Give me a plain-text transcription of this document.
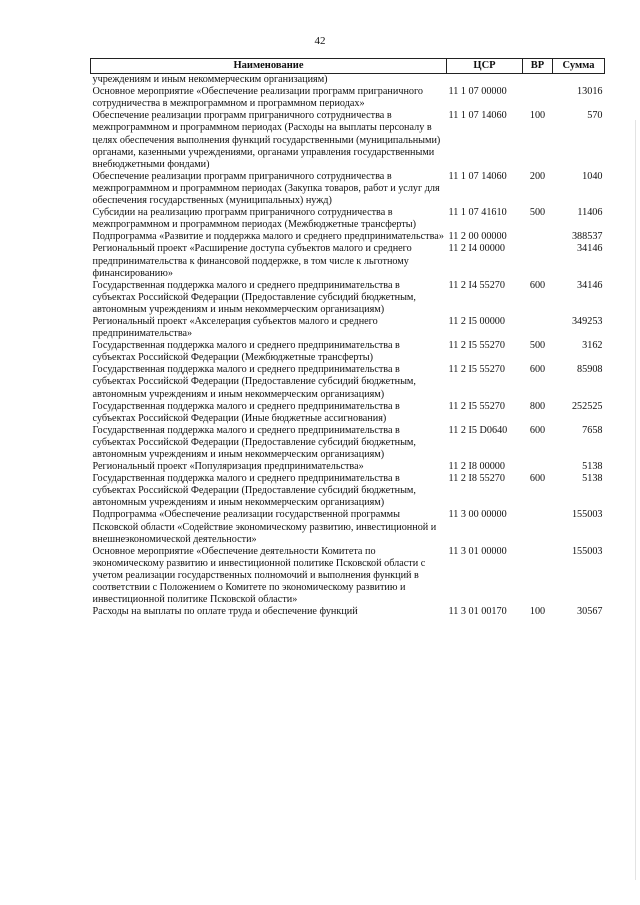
42
Наименование	ЦСР	ВР	Сумма
учреждениям и иным некоммерческим организациям)			
Основное мероприятие «Обеспечение реализации программ приграничного сотрудничества в межпрограммном и программном периодах»	11 1 07 00000		13016
Обеспечение реализации программ приграничного сотрудничества в межпрограммном и программном периодах (Расходы на выплаты персоналу в целях обеспечения выполнения функций государственными (муниципальными) органами, казенными учреждениями, органами управления государственными внебюджетными фондами)	11 1 07 14060	100	570
Обеспечение реализации программ приграничного сотрудничества в межпрограммном и программном периодах (Закупка товаров, работ и услуг для обеспечения государственных (муниципальных) нужд)	11 1 07 14060	200	1040
Субсидии на реализацию программ приграничного сотрудничества в межпрограммном и программном периодах (Межбюджетные трансферты)	11 1 07 41610	500	11406
Подпрограмма «Развитие и поддержка малого и среднего предпринимательства»	11 2 00 00000		388537
Региональный проект «Расширение доступа субъектов малого и среднего предпринимательства к финансовой поддержке, в том числе к льготному финансированию»	11 2 I4 00000		34146
Государственная поддержка малого и среднего предпринимательства в субъектах Российской Федерации (Предоставление субсидий бюджетным, автономным учреждениям и иным некоммерческим организациям)	11 2 I4 55270	600	34146
Региональный проект «Акселерация субъектов малого и среднего предпринимательства»	11 2 I5 00000		349253
Государственная поддержка малого и среднего предпринимательства в субъектах Российской Федерации (Межбюджетные трансферты)	11 2 I5 55270	500	3162
Государственная поддержка малого и среднего предпринимательства в субъектах Российской Федерации (Предоставление субсидий бюджетным, автономным учреждениям и иным некоммерческим организациям)	11 2 I5 55270	600	85908
Государственная поддержка малого и среднего предпринимательства в субъектах Российской Федерации (Иные бюджетные ассигнования)	11 2 I5 55270	800	252525
Государственная поддержка малого и среднего предпринимательства в субъектах Российской Федерации (Предоставление субсидий бюджетным, автономным учреждениям и иным некоммерческим организациям)	11 2 I5 D0640	600	7658
Региональный проект «Популяризация предпринимательства»	11 2 I8 00000		5138
Государственная поддержка малого и среднего предпринимательства в субъектах Российской Федерации (Предоставление субсидий бюджетным, автономным учреждениям и иным некоммерческим организациям)	11 2 I8 55270	600	5138
Подпрограмма «Обеспечение реализации государственной программы Псковской области «Содействие экономическому развитию, инвестиционной и внешнеэкономической деятельности»	11 3 00 00000		155003
Основное мероприятие «Обеспечение деятельности Комитета по экономическому развитию и инвестиционной политике Псковской области с учетом реализации государственных полномочий и выполнения функций в соответствии с Положением о Комитете по экономическому развитию и инвестиционной политике Псковской области»	11 3 01 00000		155003
Расходы на выплаты по оплате труда и обеспечение функций	11 3 01 00170	100	30567
